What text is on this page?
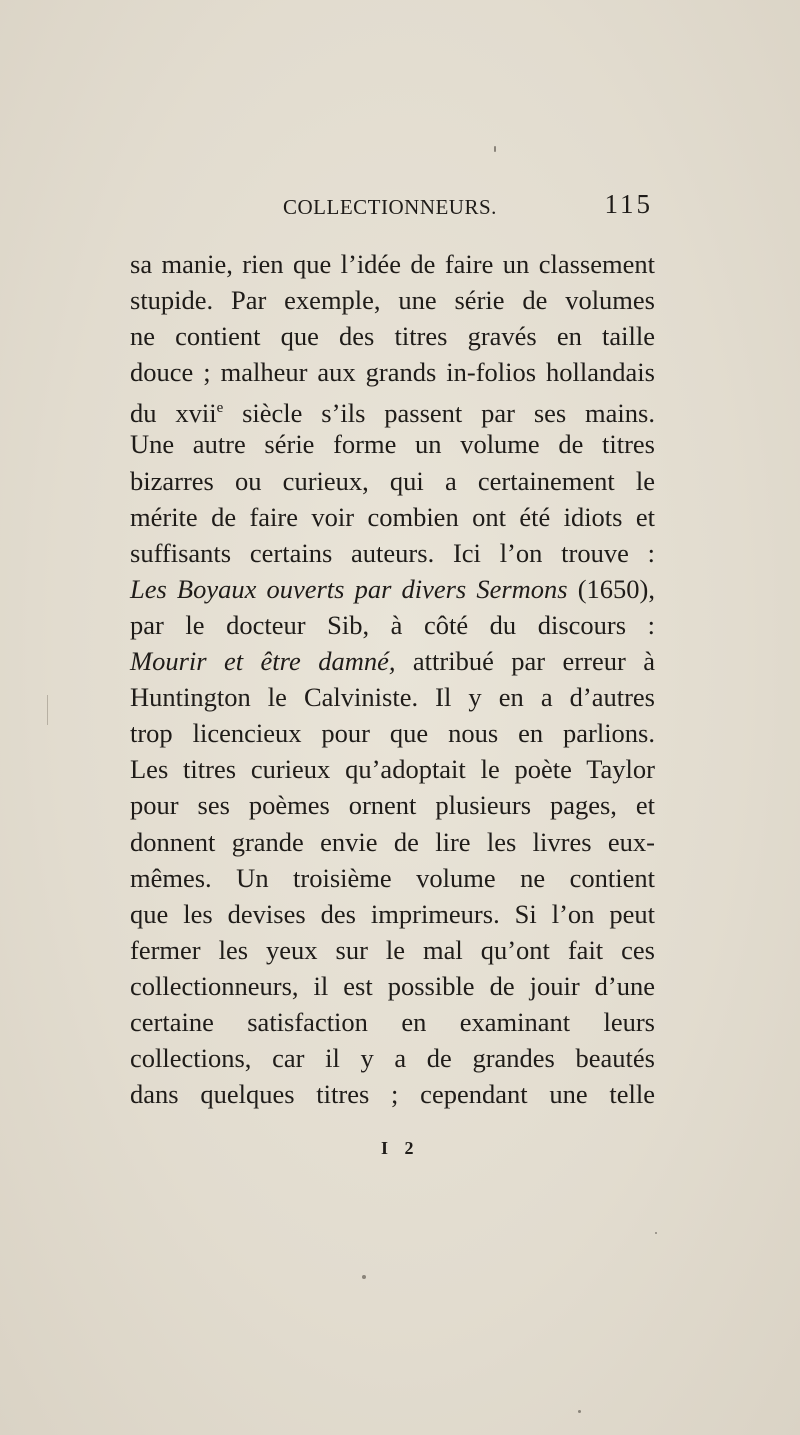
COLLECTIONNEURS.	115
sa manie, rien que l’idée de faire un classement
stupide. Par exemple, une série de volumes
ne contient que des titres gravés en taille
douce ; malheur aux grands in-folios hollandais
du xvii$^e$ siècle s’ils passent par ses mains.
Une autre série forme un volume de titres
bizarres ou curieux, qui a certainement le
mérite de faire voir combien ont été idiots et
suffisants certains auteurs. Ici l’on trouve :
Les Boyaux ouverts par divers Sermons (1650),
par le docteur Sib, à côté du discours :
Mourir et être damné, attribué par erreur à
Huntington le Calviniste. Il y en a d’autres
trop licencieux pour que nous en parlions.
Les titres curieux qu’adoptait le poète Taylor
pour ses poèmes ornent plusieurs pages, et
donnent grande envie de lire les livres eux-
mêmes. Un troisième volume ne contient
que les devises des imprimeurs. Si l’on peut
fermer les yeux sur le mal qu’ont fait ces
collectionneurs, il est possible de jouir d’une
certaine satisfaction en examinant leurs
collections, car il y a de grandes beautés
dans quelques titres ; cependant une telle
I 2
